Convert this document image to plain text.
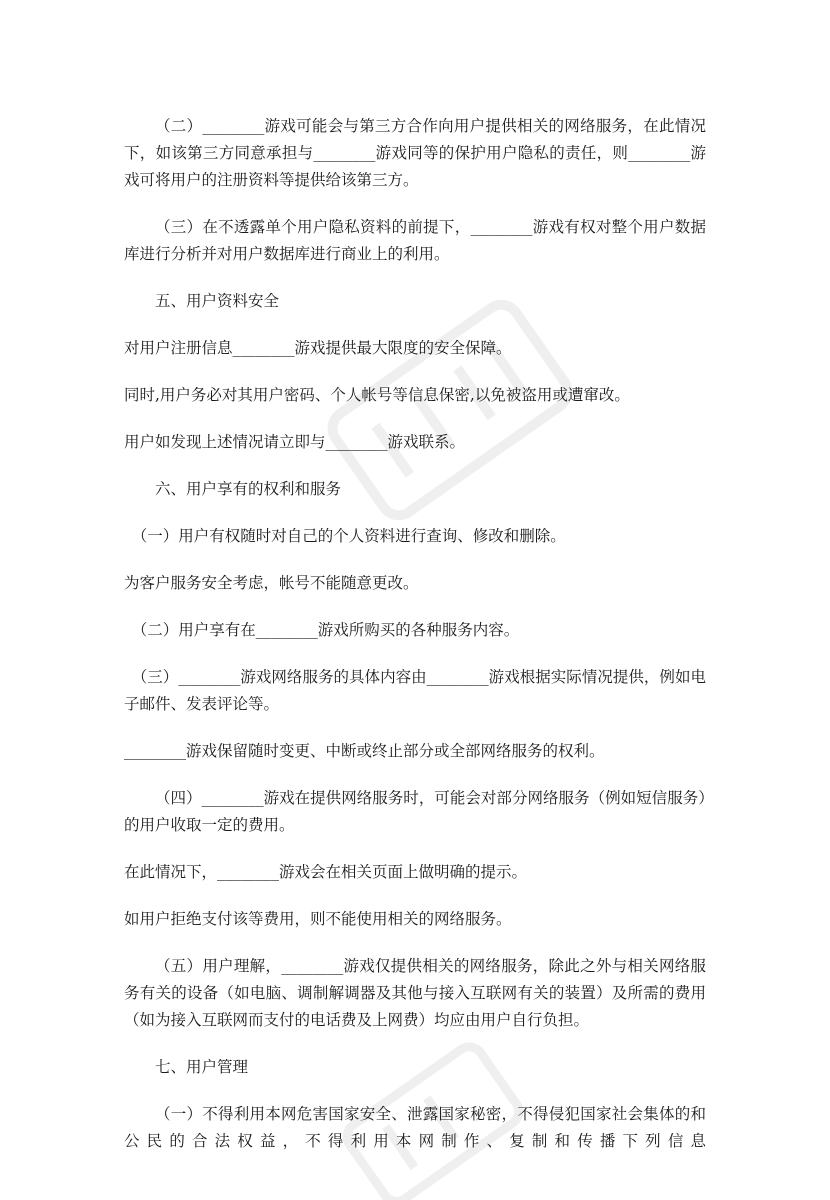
（二）________游戏可能会与第三方合作向用户提供相关的网络服务，在此情况下，如该第三方同意承担与________游戏同等的保护用户隐私的责任，则________游戏可将用户的注册资料等提供给该第三方。

（三）在不透露单个用户隐私资料的前提下，________游戏有权对整个用户数据库进行分析并对用户数据库进行商业上的利用。

五、用户资料安全

对用户注册信息________游戏提供最大限度的安全保障。

同时,用户务必对其用户密码、个人帐号等信息保密,以免被盗用或遭窜改。

用户如发现上述情况请立即与________游戏联系。

六、用户享有的权利和服务

（一）用户有权随时对自己的个人资料进行查询、修改和删除。

为客户服务安全考虑，帐号不能随意更改。

（二）用户享有在________游戏所购买的各种服务内容。

（三）________游戏网络服务的具体内容由________游戏根据实际情况提供，例如电子邮件、发表评论等。

________游戏保留随时变更、中断或终止部分或全部网络服务的权利。

（四）________游戏在提供网络服务时，可能会对部分网络服务（例如短信服务）的用户收取一定的费用。

在此情况下，________游戏会在相关页面上做明确的提示。

如用户拒绝支付该等费用，则不能使用相关的网络服务。

（五）用户理解，________游戏仅提供相关的网络服务，除此之外与相关网络服务有关的设备（如电脑、调制解调器及其他与接入互联网有关的装置）及所需的费用（如为接入互联网而支付的电话费及上网费）均应由用户自行负担。

七、用户管理

（一）不得利用本网危害国家安全、泄露国家秘密，不得侵犯国家社会集体的和公民的合法权益，不得利用本网制作、复制和传播下列信息
